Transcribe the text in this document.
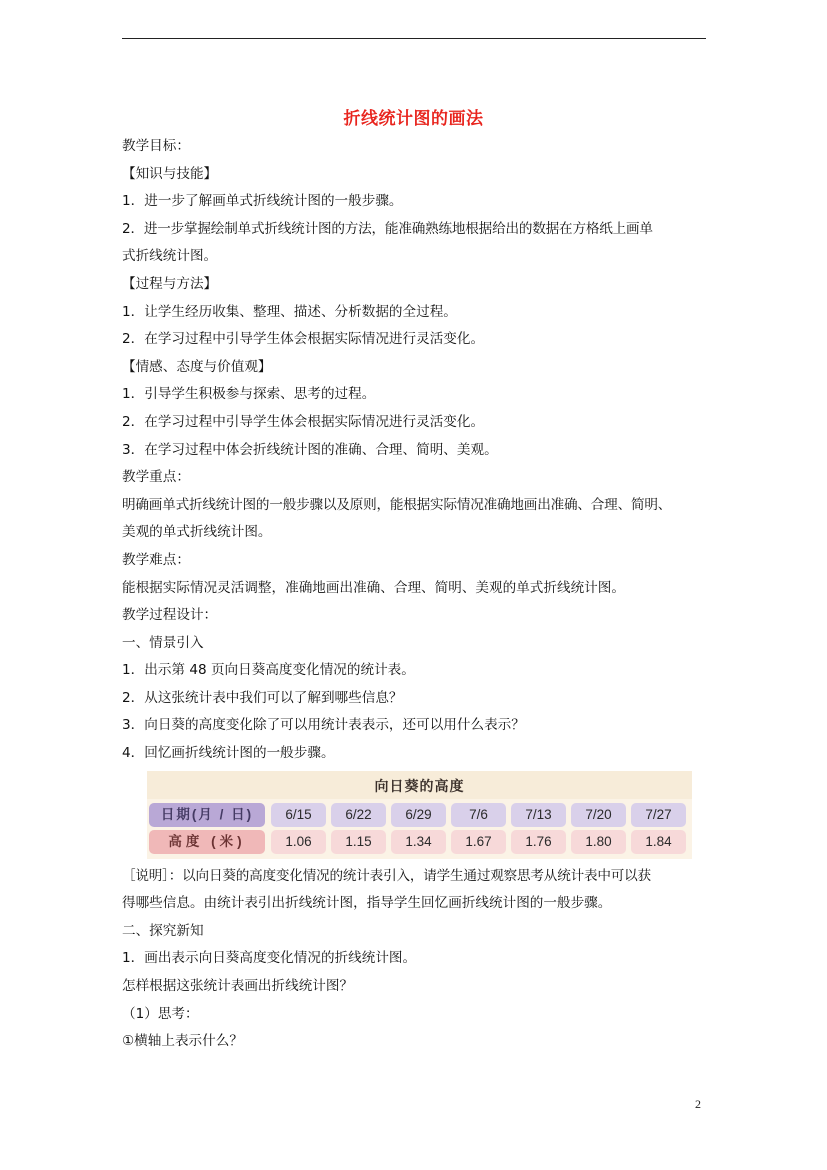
折线统计图的画法
教学目标：
【知识与技能】
1．进一步了解画单式折线统计图的一般步骤。
2．进一步掌握绘制单式折线统计图的方法，能准确熟练地根据给出的数据在方格纸上画单
式折线统计图。
【过程与方法】
1．让学生经历收集、整理、描述、分析数据的全过程。
2．在学习过程中引导学生体会根据实际情况进行灵活变化。
【情感、态度与价值观】
1．引导学生积极参与探索、思考的过程。
2．在学习过程中引导学生体会根据实际情况进行灵活变化。
3．在学习过程中体会折线统计图的准确、合理、简明、美观。
教学重点：
明确画单式折线统计图的一般步骤以及原则，能根据实际情况准确地画出准确、合理、简明、
美观的单式折线统计图。
教学难点：
能根据实际情况灵活调整，准确地画出准确、合理、简明、美观的单式折线统计图。
教学过程设计：
一、情景引入
1．出示第 48 页向日葵高度变化情况的统计表。
2．从这张统计表中我们可以了解到哪些信息？
3．向日葵的高度变化除了可以用统计表表示，还可以用什么表示？
4．回忆画折线统计图的一般步骤。
向日葵的高度
日期(月 / 日)	6/15	6/22	6/29	7/6	7/13	7/20	7/27
高度 (米)	1.06	1.15	1.34	1.67	1.76	1.80	1.84
［说明］：以向日葵的高度变化情况的统计表引入，请学生通过观察思考从统计表中可以获
得哪些信息。由统计表引出折线统计图，指导学生回忆画折线统计图的一般步骤。
二、探究新知
1．画出表示向日葵高度变化情况的折线统计图。
怎样根据这张统计表画出折线统计图？
（1）思考：
①横轴上表示什么？
2
